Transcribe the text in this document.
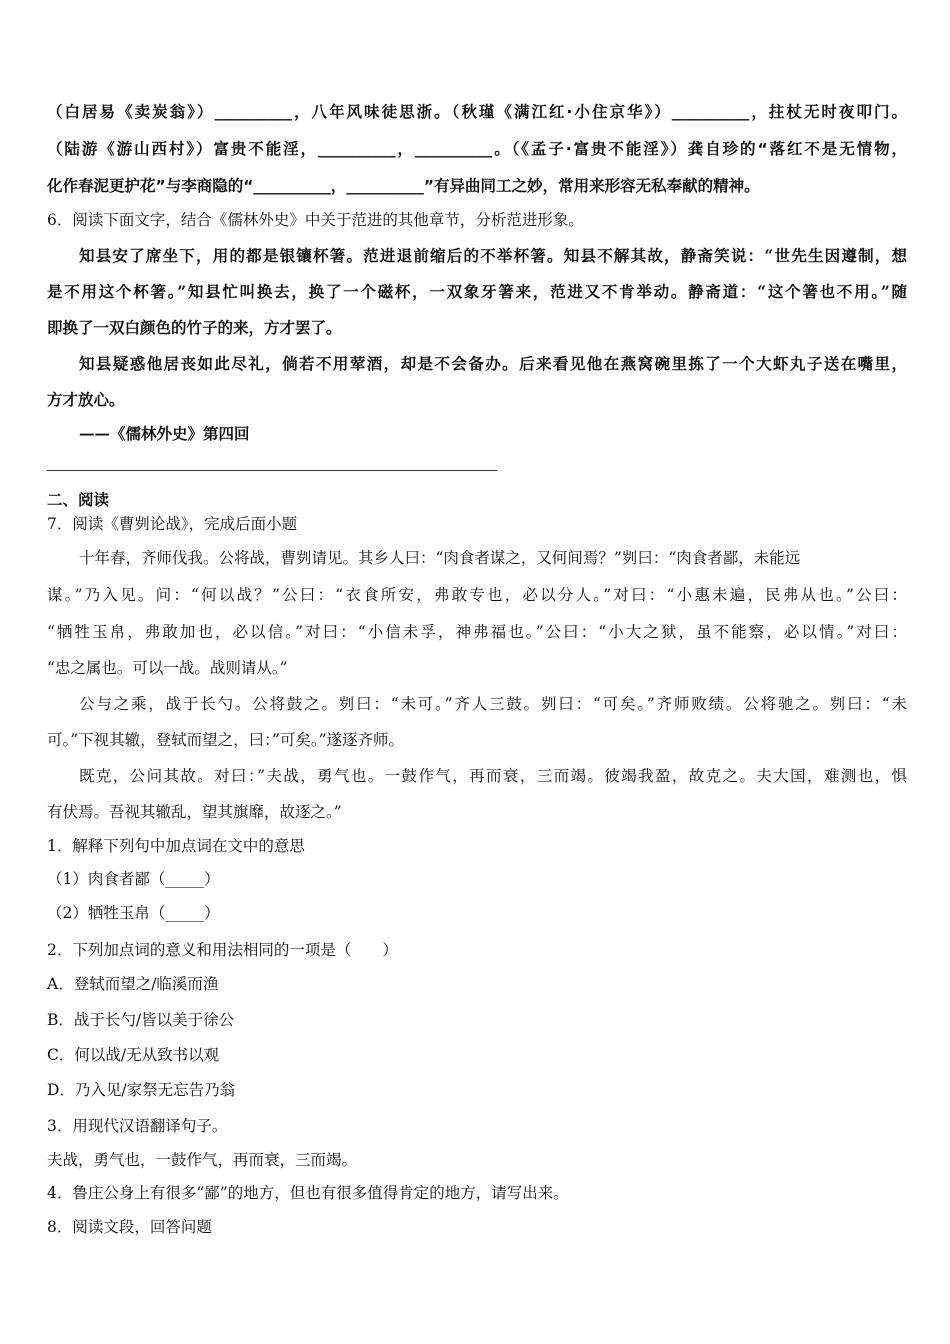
（白居易《卖炭翁》）__________，八年风味徒思浙。（秋瑾《满江红·小住京华》）__________，拄杖无时夜叩门。
（陆游《游山西村》）富贵不能淫，__________，__________。（《孟子·富贵不能淫》）龚自珍的“落红不是无情物，
化作春泥更护花”与李商隐的“__________，__________”有异曲同工之妙，常用来形容无私奉献的精神。
6．阅读下面文字，结合《儒林外史》中关于范进的其他章节，分析范进形象。
知县安了席坐下，用的都是银镶杯箸。范进退前缩后的不举杯箸。知县不解其故，静斋笑说：“世先生因遵制，想
是不用这个杯箸。”知县忙叫换去，换了一个磁杯，一双象牙箸来，范进又不肯举动。静斋道：“这个箸也不用。”随
即换了一双白颜色的竹子的来，方才罢了。
知县疑惑他居丧如此尽礼，倘若不用荤酒，却是不会备办。后来看见他在燕窝碗里拣了一个大虾丸子送在嘴里，
方才放心。
——《儒林外史》第四回
二、阅读
7．阅读《曹刿论战》，完成后面小题
十年春，齐师伐我。公将战，曹刿请见。其乡人曰：“肉食者谋之，又何间焉？”刿曰：“肉食者鄙，未能远
谋。”乃入见。问：“何以战？”公曰：“衣食所安，弗敢专也，必以分人。”对曰：“小惠未遍，民弗从也。”公曰：
“牺牲玉帛，弗敢加也，必以信。”对曰：“小信未孚，神弗福也。”公曰：“小大之狱，虽不能察，必以情。”对曰：
“忠之属也。可以一战。战则请从。”
公与之乘，战于长勺。公将鼓之。刿曰：“未可。”齐人三鼓。刿曰：“可矣。”齐师败绩。公将驰之。刿曰：“未
可。”下视其辙，登轼而望之，曰：”可矣。”遂逐齐师。
既克，公问其故。对曰：”夫战，勇气也。一鼓作气，再而衰，三而竭。彼竭我盈，故克之。夫大国，难测也，惧
有伏焉。吾视其辙乱，望其旗靡，故逐之。”
1．解释下列句中加点词在文中的意思
（1）肉食者鄙（_____）
（2）牺牲玉帛（_____）
2．下列加点词的意义和用法相同的一项是（　　）
A．登轼而望之/临溪而渔
B．战于长勺/皆以美于徐公
C．何以战/无从致书以观
D．乃入见/家祭无忘告乃翁
3．用现代汉语翻译句子。
夫战，勇气也，一鼓作气，再而衰，三而竭。
4．鲁庄公身上有很多“鄙”的地方，但也有很多值得肯定的地方，请写出来。
8．阅读文段，回答问题
